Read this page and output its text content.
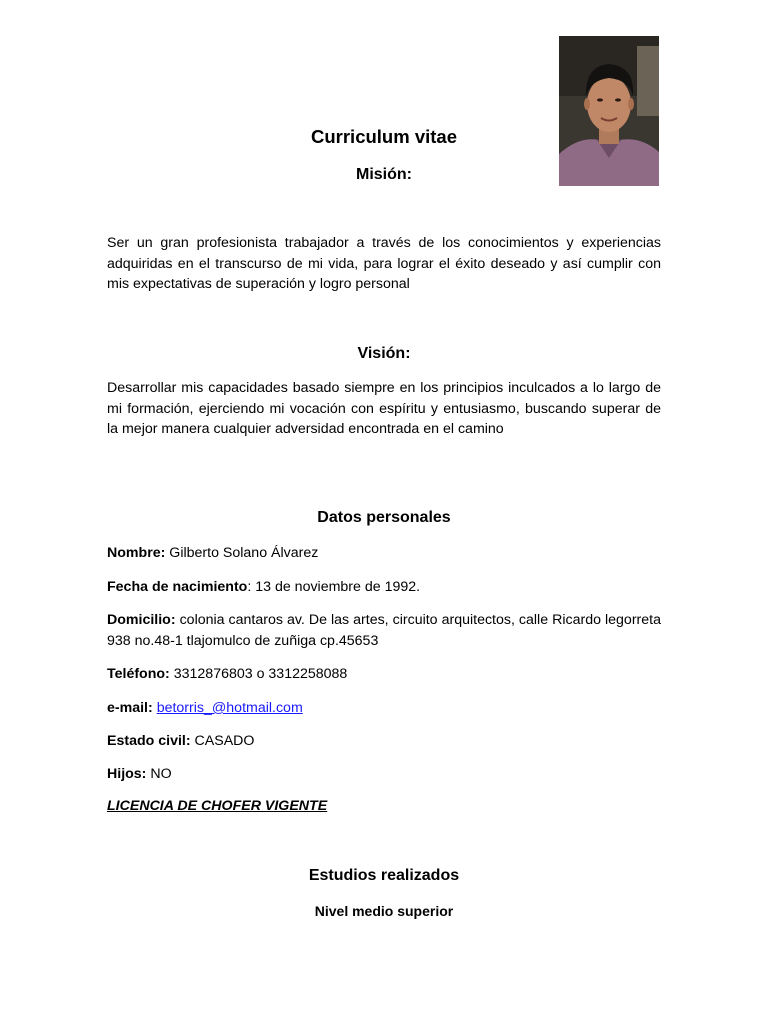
Curriculum vitae
Misión:

Ser un gran profesionista trabajador a través de los conocimientos y experiencias adquiridas en el transcurso de mi vida, para lograr el éxito deseado y así cumplir con mis expectativas de superación y logro personal

Visión:

Desarrollar mis capacidades basado siempre en los principios inculcados a lo largo de mi formación, ejerciendo mi vocación con espíritu y entusiasmo, buscando superar de la mejor manera cualquier adversidad encontrada en el camino

Datos personales

Nombre: Gilberto Solano Álvarez

Fecha de nacimiento: 13 de noviembre de 1992.

Domicilio: colonia cantaros av. De las artes, circuito arquitectos, calle Ricardo legorreta 938 no.48-1 tlajomulco de zuñiga cp.45653

Teléfono: 3312876803 o 3312258088

e-mail: betorris_@hotmail.com

Estado civil: CASADO

Hijos: NO

LICENCIA DE CHOFER VIGENTE
Estudios realizados
Nivel medio superior
